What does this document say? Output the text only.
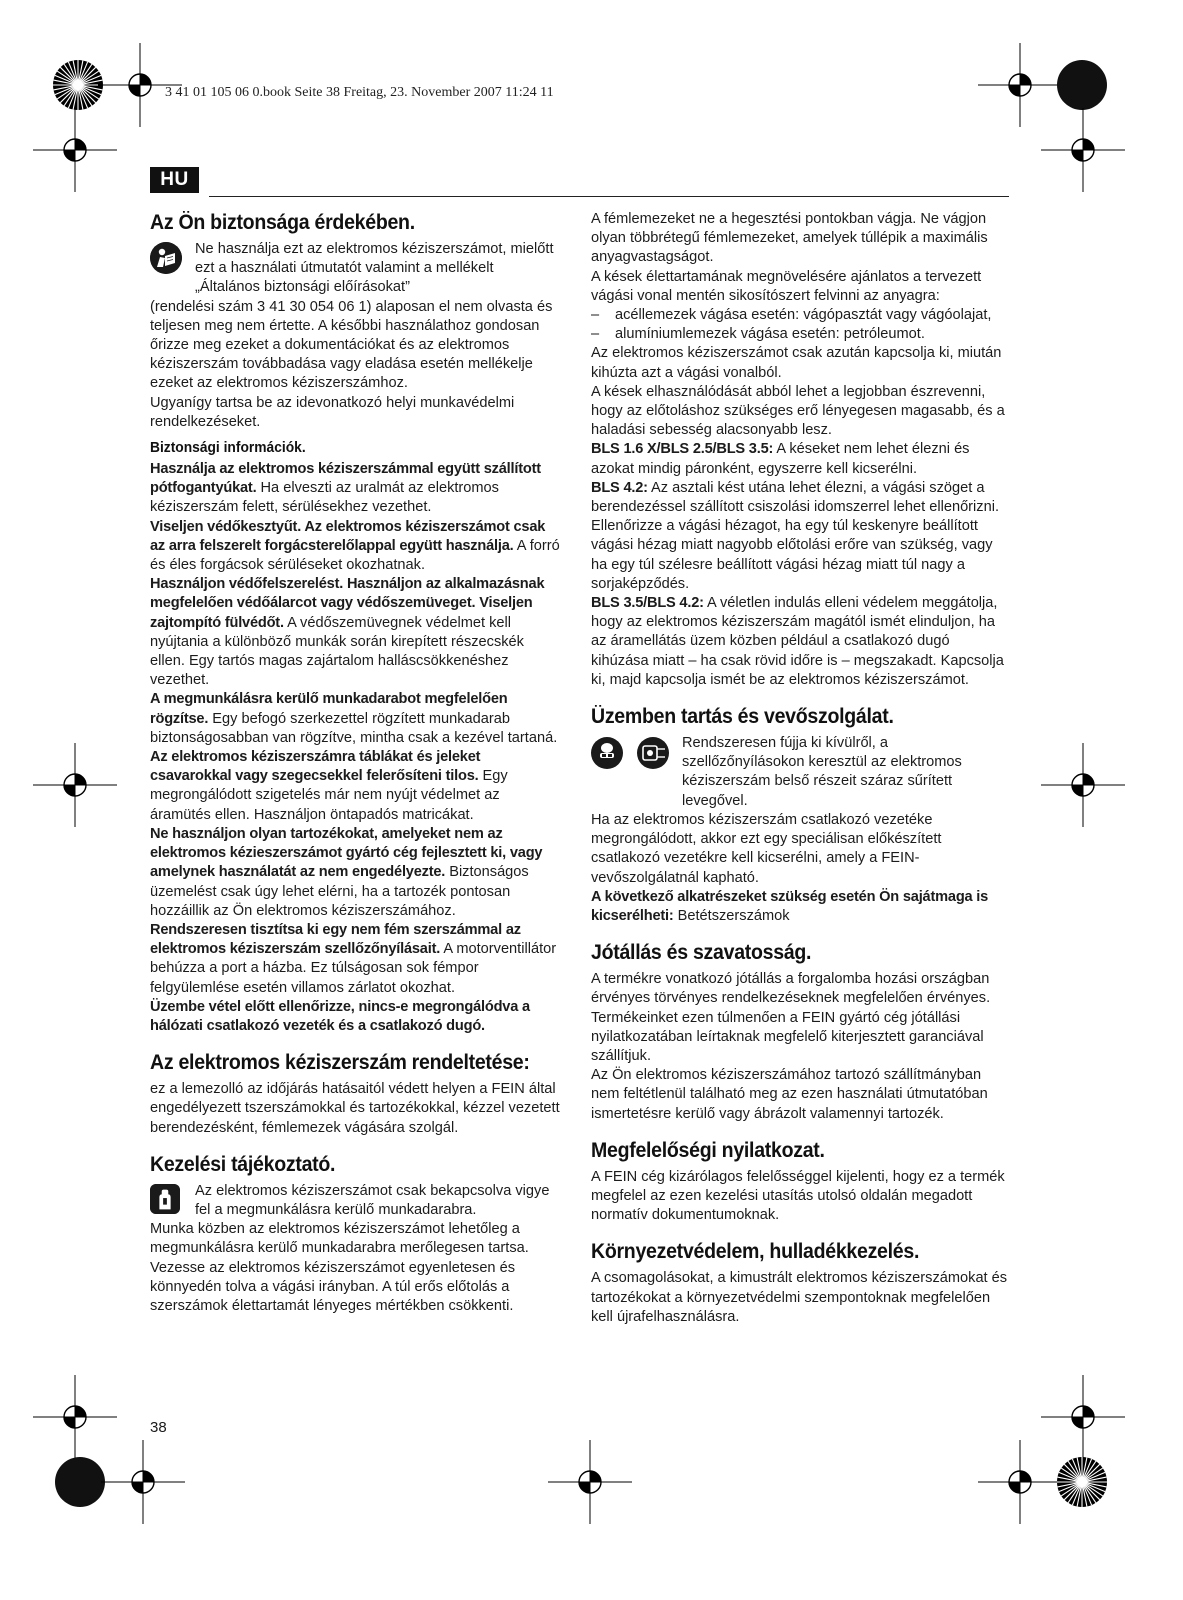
3 41 01 105 06 0.book Seite 38 Freitag, 23. November 2007 11:24 11
HU
Az Ön biztonsága érdekében.

Ne használja ezt az elektromos kéziszerszámot, mielőtt ezt a használati útmutatót valamint a mellékelt „Általános biztonsági előírásokat”

(rendelési szám 3 41 30 054 06 1) alaposan el nem olvasta és teljesen meg nem értette. A későbbi használathoz gondosan őrizze meg ezeket a dokumentációkat és az elektromos kéziszerszám továbbadása vagy eladása esetén mellékelje ezeket az elektromos kéziszerszámhoz.

Ugyanígy tartsa be az idevonatkozó helyi munkavédelmi rendelkezéseket.

Biztonsági információk.

Használja az elektromos kéziszerszámmal együtt szállított pótfogantyúkat. Ha elveszti az uralmát az elektromos kéziszerszám felett, sérülésekhez vezethet.

Viseljen védőkesztyűt. Az elektromos kéziszerszámot csak az arra felszerelt forgácsterelőlappal együtt használja. A forró és éles forgácsok sérüléseket okozhatnak.

Használjon védőfelszerelést. Használjon az alkalmazásnak megfelelően védőálarcot vagy védőszemüveget. Viseljen zajtompító fülvédőt. A védőszemüvegnek védelmet kell nyújtania a különböző munkák során kirepített részecskék ellen. Egy tartós magas zajártalom halláscsökkenéshez vezethet.

A megmunkálásra kerülő munkadarabot megfelelően rögzítse. Egy befogó szerkezettel rögzített munkadarab biztonságosabban van rögzítve, mintha csak a kezével tartaná.

Az elektromos kéziszerszámra táblákat és jeleket csavarokkal vagy szegecsekkel felerősíteni tilos. Egy megrongálódott szigetelés már nem nyújt védelmet az áramütés ellen. Használjon öntapadós matricákat.

Ne használjon olyan tartozékokat, amelyeket nem az elektromos kézieszerszámot gyártó cég fejlesztett ki, vagy amelynek használatát az nem engedélyezte. Biztonságos üzemelést csak úgy lehet elérni, ha a tartozék pontosan hozzáillik az Ön elektromos kéziszerszámához.

Rendszeresen tisztítsa ki egy nem fém szerszámmal az elektromos kéziszerszám szellőzőnyílásait. A motorventillátor behúzza a port a házba. Ez túlságosan sok fémpor felgyülemlése esetén villamos zárlatot okozhat.

Üzembe vétel előtt ellenőrizze, nincs-e megrongálódva a hálózati csatlakozó vezeték és a csatlakozó dugó.

Az elektromos kéziszerszám rendeltetése:

ez a lemezolló az időjárás hatásaitól védett helyen a FEIN által engedélyezett tszerszámokkal és tartozékokkal, kézzel vezetett berendezésként, fémlemezek vágására szolgál.

Kezelési tájékoztató.

Az elektromos kéziszerszámot csak bekapcsolva vigye fel a megmunkálásra kerülő munkadarabra.

Munka közben az elektromos kéziszerszámot lehetőleg a megmunkálásra kerülő munkadarabra merőlegesen tartsa.

Vezesse az elektromos kéziszerszámot egyenletesen és könnyedén tolva a vágási irányban. A túl erős előtolás a szerszámok élettartamát lényeges mértékben csökkenti.

A fémlemezeket ne a hegesztési pontokban vágja. Ne vágjon olyan többrétegű fémlemezeket, amelyek túllépik a maximális anyagvastagságot.

A kések élettartamának megnövelésére ajánlatos a tervezett vágási vonal mentén sikosítószert felvinni az anyagra:

–	acéllemezek vágása esetén: vágópasztát vagy vágóolajat,
–	alumíniumlemezek vágása esetén: petróleumot.

Az elektromos kéziszerszámot csak azután kapcsolja ki, miután kihúzta azt a vágási vonalból.

A kések elhasználódását abból lehet a legjobban észrevenni, hogy az előtoláshoz szükséges erő lényegesen magasabb, és a haladási sebesség alacsonyabb lesz.

BLS 1.6 X/BLS 2.5/BLS 3.5: A késeket nem lehet élezni és azokat mindig páronként, egyszerre kell kicserélni.

BLS 4.2: Az asztali kést utána lehet élezni, a vágási szöget a berendezéssel szállított csiszolási idomszerrel lehet ellenőrizni.

Ellenőrizze a vágási hézagot, ha egy túl keskenyre beállított vágási hézag miatt nagyobb előtolási erőre van szükség, vagy ha egy túl szélesre beállított vágási hézag miatt túl nagy a sorjaképződés.

BLS 3.5/BLS 4.2: A véletlen indulás elleni védelem meggátolja, hogy az elektromos kéziszerszám magától ismét elinduljon, ha az áramellátás üzem közben például a csatlakozó dugó kihúzása miatt – ha csak rövid időre is – megszakadt. Kapcsolja ki, majd kapcsolja ismét be az elektromos kéziszerszámot.

Üzemben tartás és vevőszolgálat.

Rendszeresen fújja ki kívülről, a szellőzőnyílásokon keresztül az elektromos kéziszerszám belső részeit száraz sűrített levegővel.

Ha az elektromos kéziszerszám csatlakozó vezetéke megrongálódott, akkor ezt egy speciálisan előkészített csatlakozó vezetékre kell kicserélni, amely a FEIN-vevőszolgálatnál kapható.

A következő alkatrészeket szükség esetén Ön sajátmaga is kicserélheti: Betétszerszámok

Jótállás és szavatosság.

A termékre vonatkozó jótállás a forgalomba hozási országban érvényes törvényes rendelkezéseknek megfelelően érvényes. Termékeinket ezen túlmenően a FEIN gyártó cég jótállási nyilatkozatában leírtaknak megfelelő kiterjesztett garanciával szállítjuk.

Az Ön elektromos kéziszerszámához tartozó szállítmányban nem feltétlenül található meg az ezen használati útmutatóban ismertetésre kerülő vagy ábrázolt valamennyi tartozék.

Megfelelőségi nyilatkozat.

A FEIN cég kizárólagos felelősséggel kijelenti, hogy ez a termék megfelel az ezen kezelési utasítás utolsó oldalán megadott normatív dokumentumoknak.

Környezetvédelem, hulladékkezelés.

A csomagolásokat, a kimustrált elektromos kéziszerszámokat és tartozékokat a környezetvédelmi szempontoknak megfelelően kell újrafelhasználásra.

38
